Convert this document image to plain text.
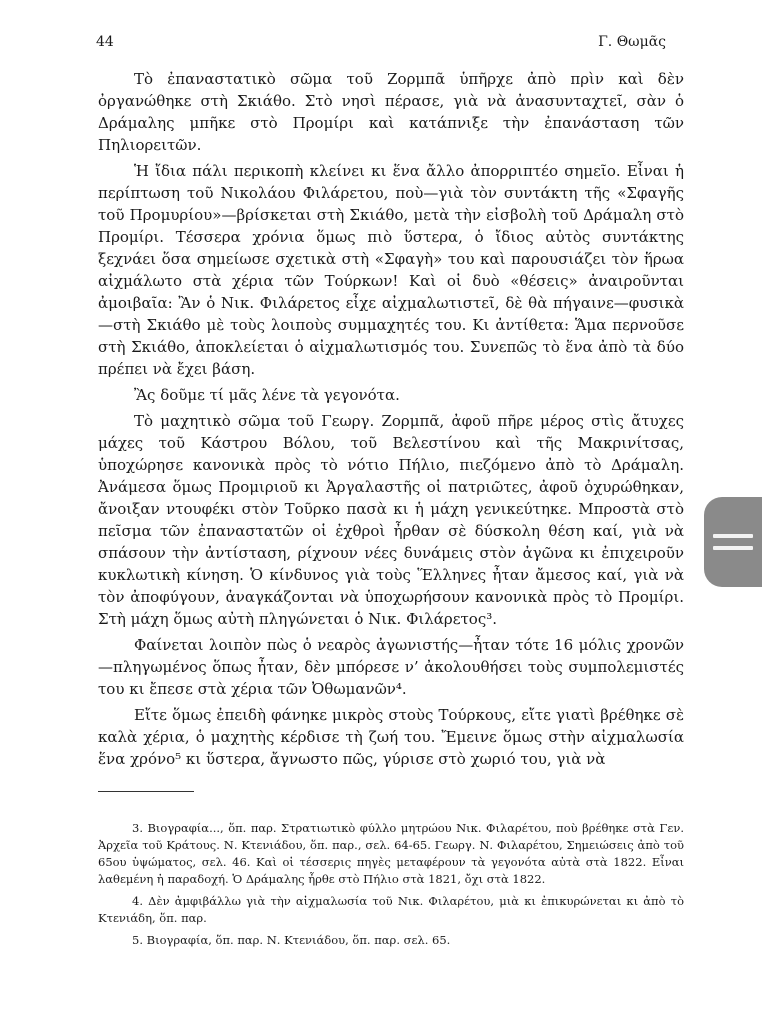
44	Γ. Θωμᾶς

Τὸ ἐπαναστατικὸ σῶμα τοῦ Ζορμπᾶ ὑπῆρχε ἀπὸ πρὶν καὶ δὲν ὀργανώθηκε στὴ Σκιάθο. Στὸ νησὶ πέρασε, γιὰ νὰ ἀνασυνταχτεῖ, σὰν ὁ Δράμαλης μπῆκε στὸ Προμίρι καὶ κατάπνιξε τὴν ἐπανάσταση τῶν Πηλιορειτῶν.

Ἡ ἴδια πάλι περικοπὴ κλείνει κι ἕνα ἄλλο ἀπορριπτέο σημεῖο. Εἶναι ἡ περίπτωση τοῦ Νικολάου Φιλάρετου, ποὺ—γιὰ τὸν συντάκτη τῆς «Σφαγῆς τοῦ Προμυρίου»—βρίσκεται στὴ Σκιάθο, μετὰ τὴν εἰσβολὴ τοῦ Δράμαλη στὸ Προμίρι. Τέσσερα χρόνια ὅμως πιὸ ὕστερα, ὁ ἴδιος αὐτὸς συντάκτης ξεχνάει ὅσα σημείωσε σχετικὰ στὴ «Σφαγὴ» του καὶ παρουσιάζει τὸν ἥρωα αἰχμάλωτο στὰ χέρια τῶν Τούρκων! Καὶ οἱ δυὸ «θέσεις» ἀναιροῦνται ἀμοιβαῖα: Ἂν ὁ Νικ. Φιλάρετος εἶχε αἰχμαλωτιστεῖ, δὲ θὰ πήγαινε—φυσικὰ—στὴ Σκιάθο μὲ τοὺς λοιποὺς συμμαχητές του. Κι ἀντίθετα: Ἅμα περνοῦσε στὴ Σκιάθο, ἀποκλείεται ὁ αἰχμαλωτισμός του. Συνεπῶς τὸ ἕνα ἀπὸ τὰ δύο πρέπει νὰ ἔχει βάση.

Ἂς δοῦμε τί μᾶς λένε τὰ γεγονότα.

Τὸ μαχητικὸ σῶμα τοῦ Γεωργ. Ζορμπᾶ, ἀφοῦ πῆρε μέρος στὶς ἄτυχες μάχες τοῦ Κάστρου Βόλου, τοῦ Βελεστίνου καὶ τῆς Μακρινίτσας, ὑποχώρησε κανονικὰ πρὸς τὸ νότιο Πήλιο, πιεζόμενο ἀπὸ τὸ Δράμαλη. Ἀνάμεσα ὅμως Προμιριοῦ κι Ἀργαλαστῆς οἱ πατριῶτες, ἀφοῦ ὀχυρώθηκαν, ἄνοιξαν ντουφέκι στὸν Τοῦρκο πασὰ κι ἡ μάχη γενικεύτηκε. Μπροστὰ στὸ πεῖσμα τῶν ἐπαναστατῶν οἱ ἐχθροὶ ἦρθαν σὲ δύσκολη θέση καί, γιὰ νὰ σπάσουν τὴν ἀντίσταση, ρίχνουν νέες δυνάμεις στὸν ἀγῶνα κι ἐπιχειροῦν κυκλωτικὴ κίνηση. Ὁ κίνδυνος γιὰ τοὺς Ἕλληνες ἦταν ἄμεσος καί, γιὰ νὰ τὸν ἀποφύγουν, ἀναγκάζονται νὰ ὑποχωρήσουν κανονικὰ πρὸς τὸ Προμίρι. Στὴ μάχη ὅμως αὐτὴ πληγώνεται ὁ Νικ. Φιλάρετος³.

Φαίνεται λοιπὸν πὼς ὁ νεαρὸς ἀγωνιστής—ἦταν τότε 16 μόλις χρονῶν —πληγωμένος ὅπως ἦταν, δὲν μπόρεσε ν’ ἀκολουθήσει τοὺς συμπολεμιστές του κι ἔπεσε στὰ χέρια τῶν Ὀθωμανῶν⁴.

Εἴτε ὅμως ἐπειδὴ φάνηκε μικρὸς στοὺς Τούρκους, εἴτε γιατὶ βρέθηκε σὲ καλὰ χέρια, ὁ μαχητὴς κέρδισε τὴ ζωή του. Ἔμεινε ὅμως στὴν αἰχμαλωσία ἕνα χρόνο⁵ κι ὕστερα, ἄγνωστο πῶς, γύρισε στὸ χωριό του, γιὰ νὰ

3. Βιογραφία..., ὅπ. παρ. Στρατιωτικὸ φύλλο μητρώου Νικ. Φιλαρέτου, ποὺ βρέθηκε στὰ Γεν. Ἀρχεῖα τοῦ Κράτους. Ν. Κτενιάδου, ὅπ. παρ., σελ. 64-65. Γεωργ. Ν. Φιλαρέτου, Σημειώσεις ἀπὸ τοῦ 65ου ὑψώματος, σελ. 46. Καὶ οἱ τέσσερις πηγὲς μεταφέρουν τὰ γεγονότα αὐτὰ στὰ 1822. Εἶναι λαθεμένη ἡ παραδοχή. Ὁ Δράμαλης ἦρθε στὸ Πήλιο στὰ 1821, ὄχι στὰ 1822.

4. Δὲν ἀμφιβάλλω γιὰ τὴν αἰχμαλωσία τοῦ Νικ. Φιλαρέτου, μιὰ κι ἐπικυρώνεται κι ἀπὸ τὸ Κτενιάδη, ὅπ. παρ.

5. Βιογραφία, ὅπ. παρ. Ν. Κτενιάδου, ὅπ. παρ. σελ. 65.
